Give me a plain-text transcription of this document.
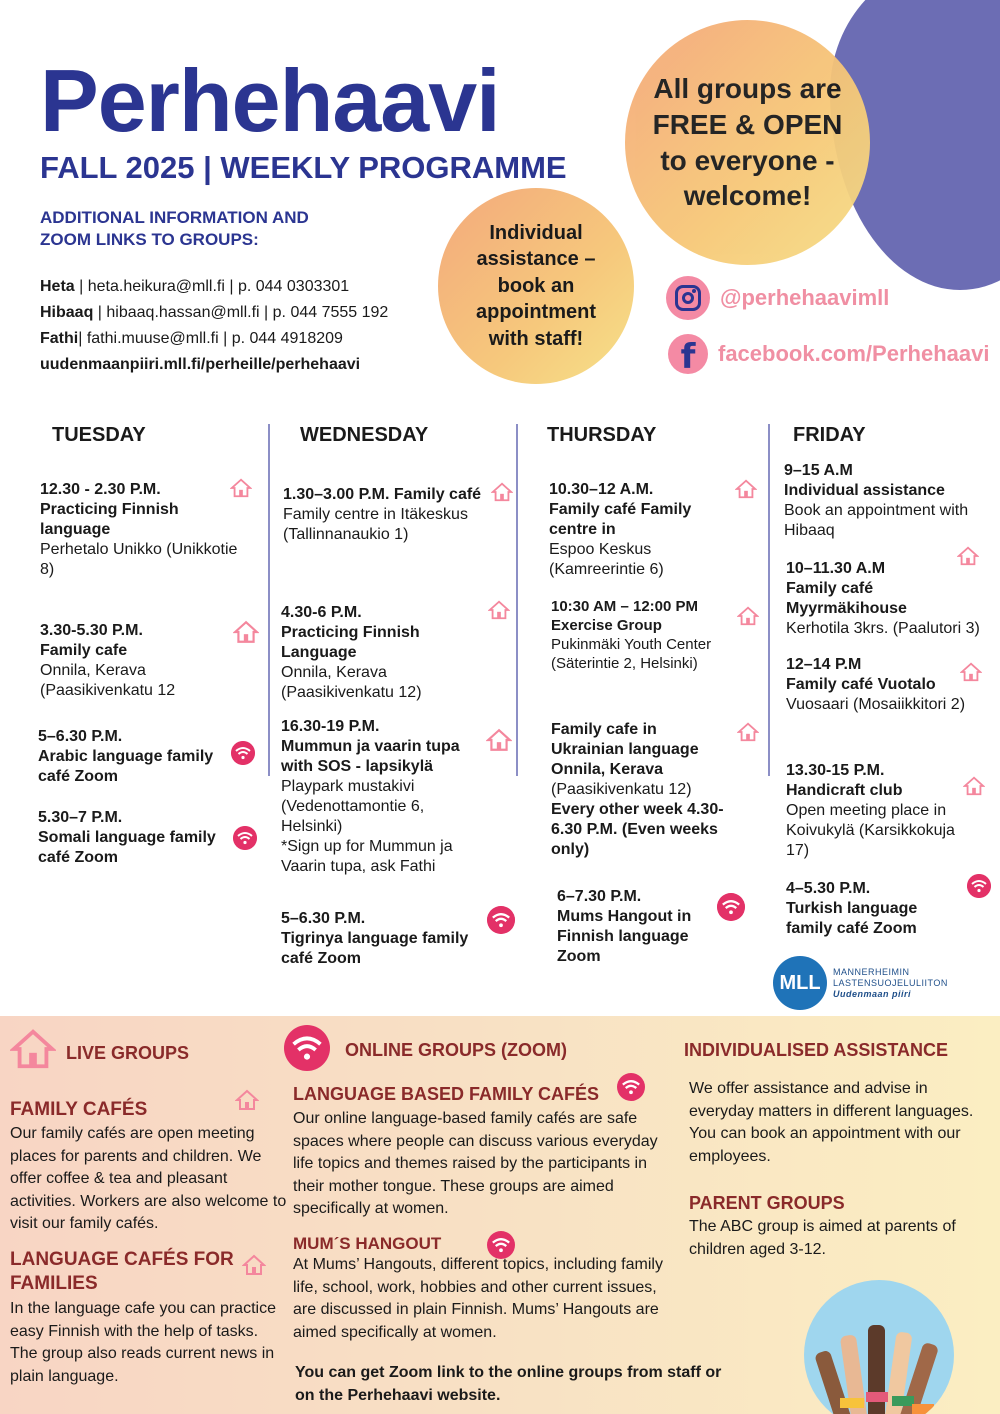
Perhehaavi
FALL 2025 | WEEKLY PROGRAMME
ADDITIONAL INFORMATION AND ZOOM LINKS TO GROUPS:
Heta | heta.heikura@mll.fi | p. 044 0303301
Hibaaq | hibaaq.hassan@mll.fi | p. 044 7555 192
Fathi| fathi.muuse@mll.fi | p. 044 4918209
uudenmaanpiiri.mll.fi/perheille/perhehaavi
All groups are FREE & OPEN to everyone - welcome!
Individual assistance – book an appointment with staff!
@perhehaavimll
f	facebook.com/Perhehaavi
TUESDAY	WEDNESDAY	THURSDAY	FRIDAY
12.30 - 2.30 P.M.
Practicing Finnish language
Perhetalo Unikko (Unikkotie 8)
3.30-5.30 P.M.
Family cafe
Onnila, Kerava (Paasikivenkatu 12
5–6.30 P.M.
Arabic language family café Zoom
5.30–7 P.M.
Somali language family café Zoom
1.30–3.00 P.M. Family café
Family centre in Itäkeskus (Tallinnanaukio 1)
4.30-6 P.M.
Practicing Finnish Language
Onnila, Kerava (Paasikivenkatu 12)
16.30-19 P.M.
Mummun ja vaarin tupa with SOS - lapsikylä
Playpark mustakivi (Vedenottamontie 6, Helsinki)
*Sign up for Mummun ja Vaarin tupa, ask Fathi
5–6.30 P.M.
Tigrinya language family café Zoom
10.30–12 A.M.
Family café Family centre in
Espoo Keskus (Kamreerintie 6)
10:30 AM – 12:00 PM
Exercise Group
Pukinmäki Youth Center (Säterintie 2, Helsinki)
Family cafe in Ukrainian language Onnila, Kerava
(Paasikivenkatu 12)
Every other week 4.30-6.30 P.M. (Even weeks only)
6–7.30 P.M.
Mums Hangout in Finnish language Zoom
9–15 A.M
Individual assistance
Book an appointment with Hibaaq
10–11.30 A.M
Family café Myyrmäkihouse
Kerhotila 3krs. (Paalutori 3)
12–14 P.M
Family café Vuotalo
Vuosaari (Mosaiikkitori 2)
13.30-15 P.M.
Handicraft club
Open meeting place in Koivukylä (Karsikkokuja 17)
4–5.30 P.M.
Turkish language family café Zoom
MLL	MANNERHEIMIN
LASTENSUOJELULIITON
Uudenmaan piiri
LIVE GROUPS	ONLINE GROUPS (ZOOM)	INDIVIDUALISED ASSISTANCE
FAMILY CAFÉS
Our family cafés are open meeting places for parents and children. We offer coffee & tea and pleasant activities. Workers are also welcome to visit our family cafés.
LANGUAGE CAFÉS FOR FAMILIES
In the language cafe you can practice easy Finnish with the help of tasks. The group also reads current news in plain language.
LANGUAGE BASED FAMILY CAFÉS
Our online language-based family cafés are safe spaces where people can discuss various everyday life topics and themes raised by the participants in their mother tongue. These groups are aimed specifically at women.
MUM´S HANGOUT
At Mums’ Hangouts, different topics, including family life, school, work, hobbies and other current issues, are discussed in plain Finnish. Mums’ Hangouts are aimed specifically at women.
You can get Zoom link to the online groups from staff or on the Perhehaavi website.
We offer assistance and advise in everyday matters in different languages. You can book an appointment with our employees.
PARENT GROUPS
The ABC group is aimed at parents of children aged 3-12.
